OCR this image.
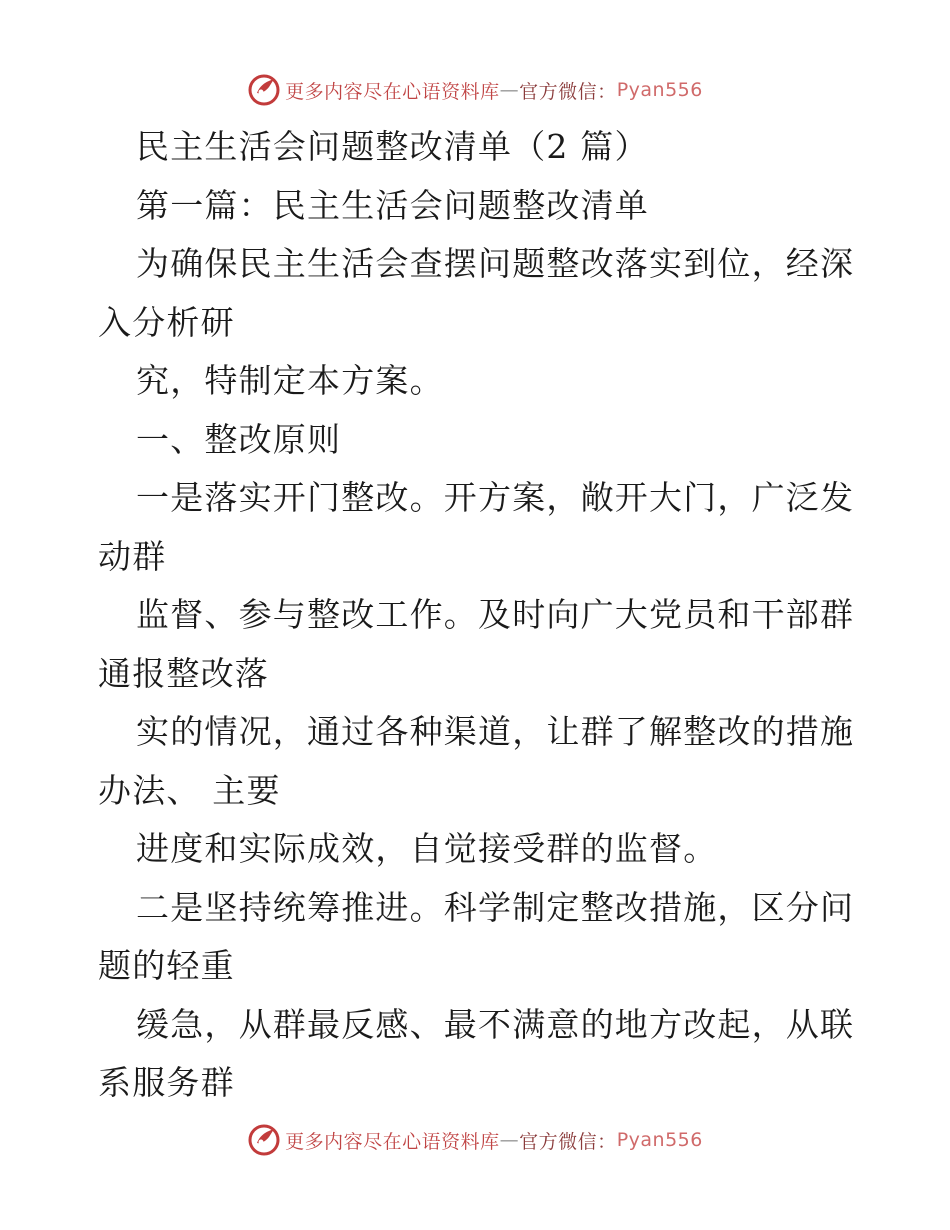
更多内容尽在心语资料库 — 官方微信： Pyan556
民主生活会问题整改清单（2 篇）
第一篇：民主生活会问题整改清单
为确保民主生活会查摆问题整改落实到位，经深
入分析研
究，特制定本方案。
一、整改原则
一是落实开门整改。开方案，敞开大门，广泛发
动群
监督、参与整改工作。及时向广大党员和干部群
通报整改落
实的情况，通过各种渠道，让群了解整改的措施
办法、 主要
进度和实际成效，自觉接受群的监督。
二是坚持统筹推进。科学制定整改措施，区分问
题的轻重
缓急，从群最反感、最不满意的地方改起，从联
系服务群
更多内容尽在心语资料库 — 官方微信： Pyan556
